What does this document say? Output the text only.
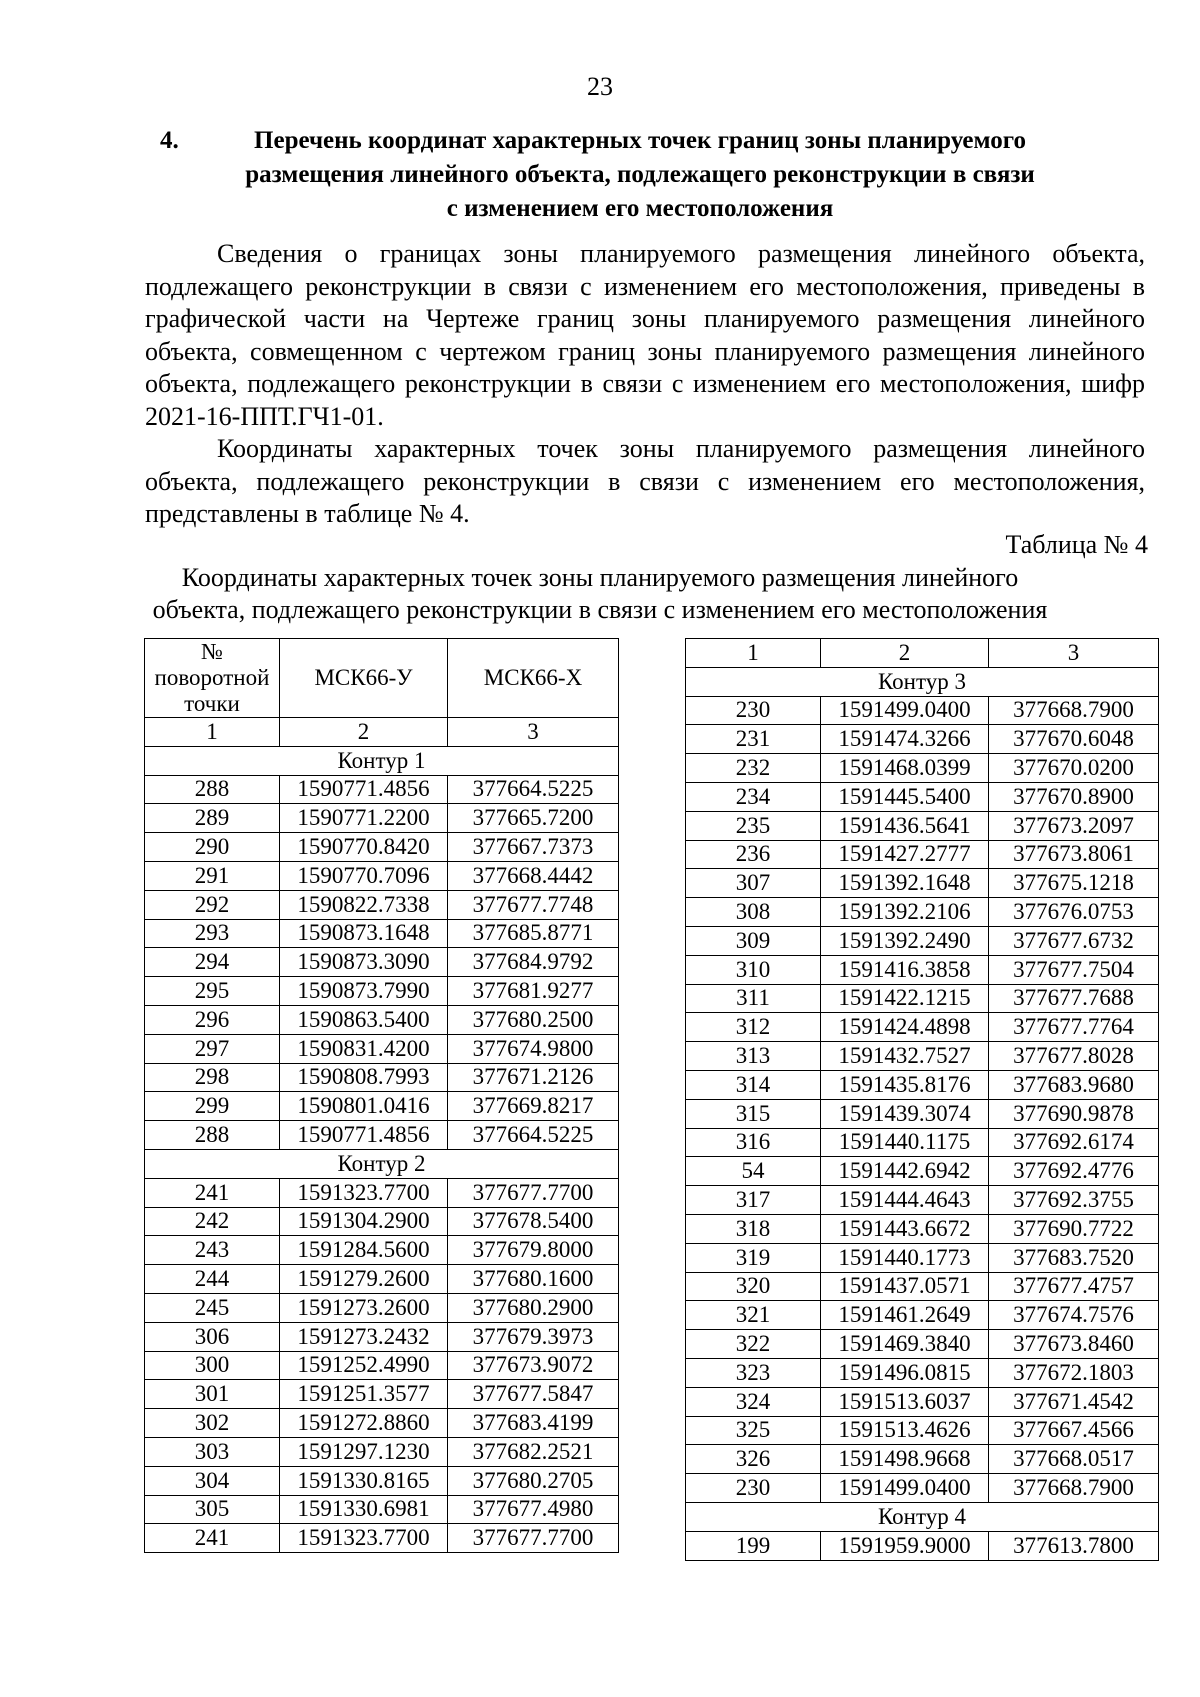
23
4.	Перечень координат характерных точек границ зоны планируемого
размещения линейного объекта, подлежащего реконструкции в связи
с изменением его местоположения

Сведения о границах зоны планируемого размещения линейного объекта, подлежащего реконструкции в связи с изменением его местоположения, приведены в графической части на Чертеже границ зоны планируемого размещения линейного объекта, совмещенном с чертежом границ зоны планируемого размещения линейного объекта, подлежащего реконструкции в связи с изменением его местоположения, шифр 2021-16-ППТ.ГЧ1-01.

Координаты характерных точек зоны планируемого размещения линейного объекта, подлежащего реконструкции в связи с изменением его местоположения, представлены в таблице № 4.

Таблица № 4
Координаты характерных точек зоны планируемого размещения линейного
объекта, подлежащего реконструкции в связи с изменением его местоположения
№
поворотной
точки	МСК66-У	МСК66-Х
1	2	3
Контур 1		
288	1590771.4856	377664.5225
289	1590771.2200	377665.7200
290	1590770.8420	377667.7373
291	1590770.7096	377668.4442
292	1590822.7338	377677.7748
293	1590873.1648	377685.8771
294	1590873.3090	377684.9792
295	1590873.7990	377681.9277
296	1590863.5400	377680.2500
297	1590831.4200	377674.9800
298	1590808.7993	377671.2126
299	1590801.0416	377669.8217
288	1590771.4856	377664.5225
Контур 2		
241	1591323.7700	377677.7700
242	1591304.2900	377678.5400
243	1591284.5600	377679.8000
244	1591279.2600	377680.1600
245	1591273.2600	377680.2900
306	1591273.2432	377679.3973
300	1591252.4990	377673.9072
301	1591251.3577	377677.5847
302	1591272.8860	377683.4199
303	1591297.1230	377682.2521
304	1591330.8165	377680.2705
305	1591330.6981	377677.4980
241	1591323.7700	377677.7700
1	2	3
Контур 3		
230	1591499.0400	377668.7900
231	1591474.3266	377670.6048
232	1591468.0399	377670.0200
234	1591445.5400	377670.8900
235	1591436.5641	377673.2097
236	1591427.2777	377673.8061
307	1591392.1648	377675.1218
308	1591392.2106	377676.0753
309	1591392.2490	377677.6732
310	1591416.3858	377677.7504
311	1591422.1215	377677.7688
312	1591424.4898	377677.7764
313	1591432.7527	377677.8028
314	1591435.8176	377683.9680
315	1591439.3074	377690.9878
316	1591440.1175	377692.6174
54	1591442.6942	377692.4776
317	1591444.4643	377692.3755
318	1591443.6672	377690.7722
319	1591440.1773	377683.7520
320	1591437.0571	377677.4757
321	1591461.2649	377674.7576
322	1591469.3840	377673.8460
323	1591496.0815	377672.1803
324	1591513.6037	377671.4542
325	1591513.4626	377667.4566
326	1591498.9668	377668.0517
230	1591499.0400	377668.7900
Контур 4		
199	1591959.9000	377613.7800
